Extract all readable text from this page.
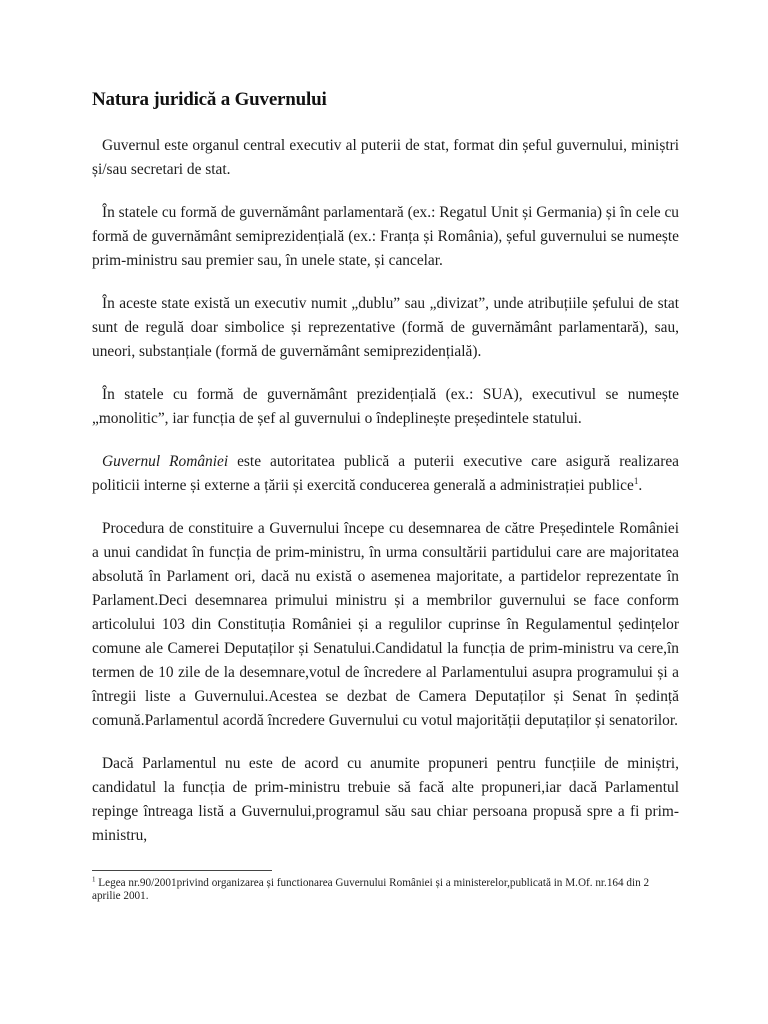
Natura juridică a Guvernului

Guvernul este organul central executiv al puterii de stat, format din șeful guvernului, miniștri și/sau secretari de stat.

În statele cu formă de guvernământ parlamentară (ex.: Regatul Unit și Germania) și în cele cu formă de guvernământ semiprezidențială (ex.: Franța și România), șeful guvernului se numește prim-ministru sau premier sau, în unele state, și cancelar.

În aceste state există un executiv numit „dublu” sau „divizat”, unde atribuțiile șefului de stat sunt de regulă doar simbolice și reprezentative (formă de guvernământ parlamentară), sau, uneori, substanțiale (formă de guvernământ semiprezidențială).

În statele cu formă de guvernământ prezidențială (ex.: SUA), executivul se numește „monolitic”, iar funcția de șef al guvernului o îndeplinește președintele statului.

Guvernul României este autoritatea publică a puterii executive care asigură realizarea politicii interne și externe a țării și exercită conducerea generală a administrației publice$^1$.

Procedura de constituire a Guvernului începe cu desemnarea de către Președintele României a unui candidat în funcția de prim-ministru, în urma consultării partidului care are majoritatea absolută în Parlament ori, dacă nu există o asemenea majoritate, a partidelor reprezentate în Parlament.Deci desemnarea primului ministru și a membrilor guvernului se face conform articolului 103 din Constituția României și a regulilor cuprinse în Regulamentul ședințelor comune ale Camerei Deputaților și Senatului.Candidatul la funcția de prim-ministru va cere,în termen de 10 zile de la desemnare,votul de încredere al Parlamentului asupra programului și a întregii liste a Guvernului.Acestea se dezbat de Camera Deputaților și Senat în ședință comună.Parlamentul acordă încredere Guvernului cu votul majorității deputaților și senatorilor.

Dacă Parlamentul nu este de acord cu anumite propuneri pentru funcțiile de miniștri, candidatul la funcția de prim-ministru trebuie să facă alte propuneri,iar dacă Parlamentul repinge întreaga listă a Guvernului,programul său sau chiar persoana propusă spre a fi prim-ministru,

$^1$ Legea nr.90/2001privind organizarea și functionarea Guvernului României și a ministerelor,publicată in M.Of. nr.164 din 2 aprilie 2001.
